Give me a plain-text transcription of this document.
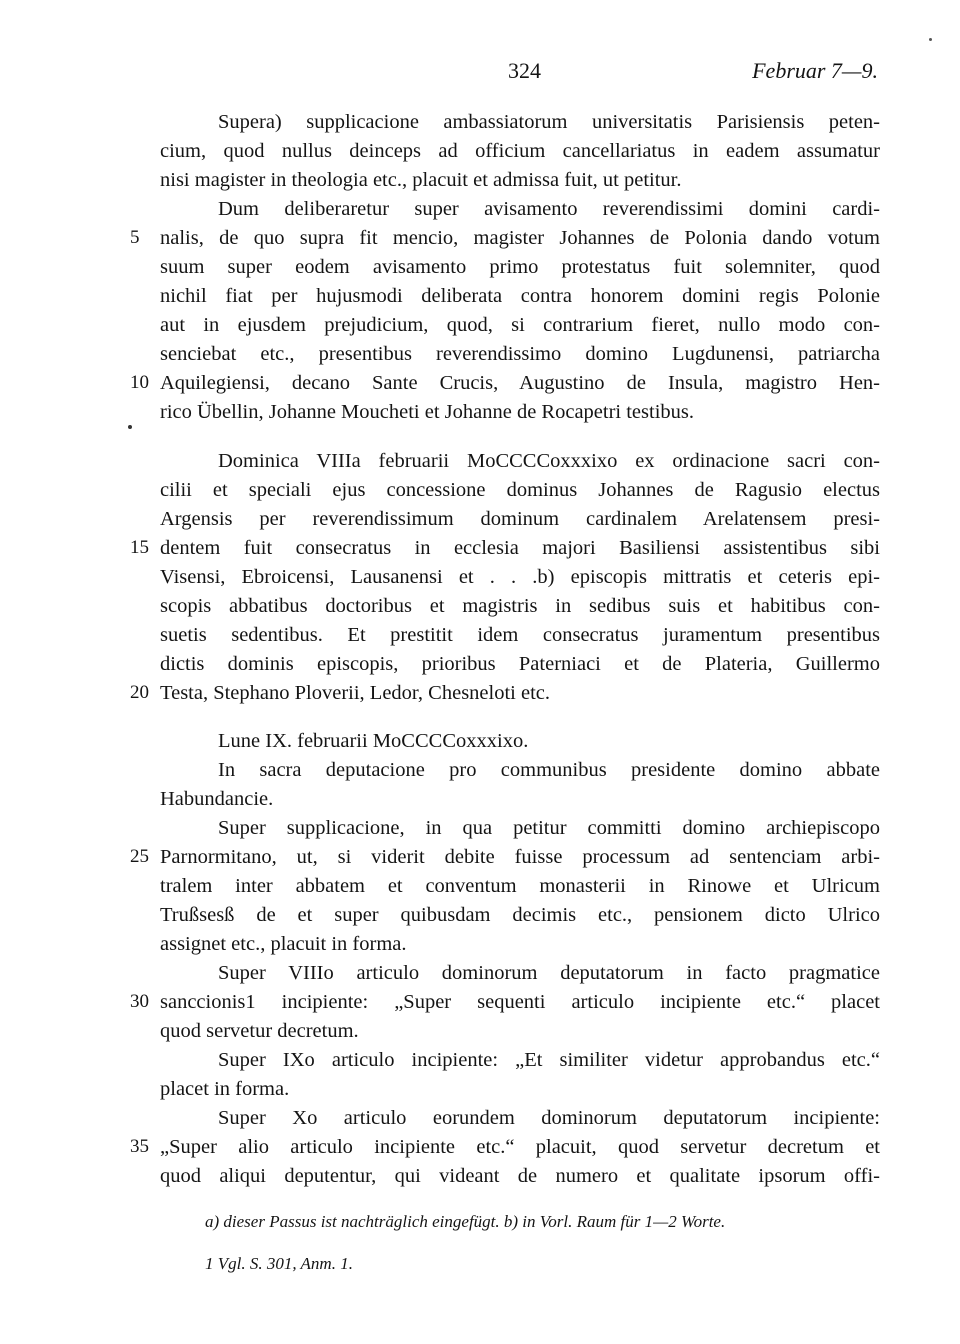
324	Februar 7—9.
Supera) supplicacione ambassiatorum universitatis Parisiensis peten-
cium, quod nullus deinceps ad officium cancellariatus in eadem assumatur
nisi magister in theologia etc., placuit et admissa fuit, ut petitur.
Dum deliberaretur super avisamento reverendissimi domini cardi-
nalis, de quo supra fit mencio, magister Johannes de Polonia dando votum
suum super eodem avisamento primo protestatus fuit solemniter, quod
nichil fiat per hujusmodi deliberata contra honorem domini regis Polonie
aut in ejusdem prejudicium, quod, si contrarium fieret, nullo modo con-
senciebat etc., presentibus reverendissimo domino Lugdunensi, patriarcha
Aquilegiensi, decano Sante Crucis, Augustino de Insula, magistro Hen-
rico Übellin, Johanne Moucheti et Johanne de Rocapetri testibus.
Dominica VIIIa februarii MoCCCCoxxxixo ex ordinacione sacri con-
cilii et speciali ejus concessione dominus Johannes de Ragusio electus
Argensis per reverendissimum dominum cardinalem Arelatensem presi-
dentem fuit consecratus in ecclesia majori Basiliensi assistentibus sibi
Visensi, Ebroicensi, Lausanensi et . . .b) episcopis mittratis et ceteris epi-
scopis abbatibus doctoribus et magistris in sedibus suis et habitibus con-
suetis sedentibus. Et prestitit idem consecratus juramentum presentibus
dictis dominis episcopis, prioribus Paterniaci et de Plateria, Guillermo
Testa, Stephano Ploverii, Ledor, Chesneloti etc.
Lune IX. februarii MoCCCCoxxxixo.
In sacra deputacione pro communibus presidente domino abbate
Habundancie.
Super supplicacione, in qua petitur committi domino archiepiscopo
Parnormitano, ut, si viderit debite fuisse processum ad sentenciam arbi-
tralem inter abbatem et conventum monasterii in Rinowe et Ulricum
Trußsesß de et super quibusdam decimis etc., pensionem dicto Ulrico
assignet etc., placuit in forma.
Super VIIIo articulo dominorum deputatorum in facto pragmatice
sanccionis1 incipiente: „Super sequenti articulo incipiente etc.“ placet
quod servetur decretum.
Super IXo articulo incipiente: „Et similiter videtur approbandus etc.“
placet in forma.
Super Xo articulo eorundem dominorum deputatorum incipiente:
„Super alio articulo incipiente etc.“ placuit, quod servetur decretum et
quod aliqui deputentur, qui videant de numero et qualitate ipsorum offi-
5
10
15
20
25
30
35
a) dieser Passus ist nachträglich eingefügt. b) in Vorl. Raum für 1—2 Worte.
1 Vgl. S. 301, Anm. 1.
